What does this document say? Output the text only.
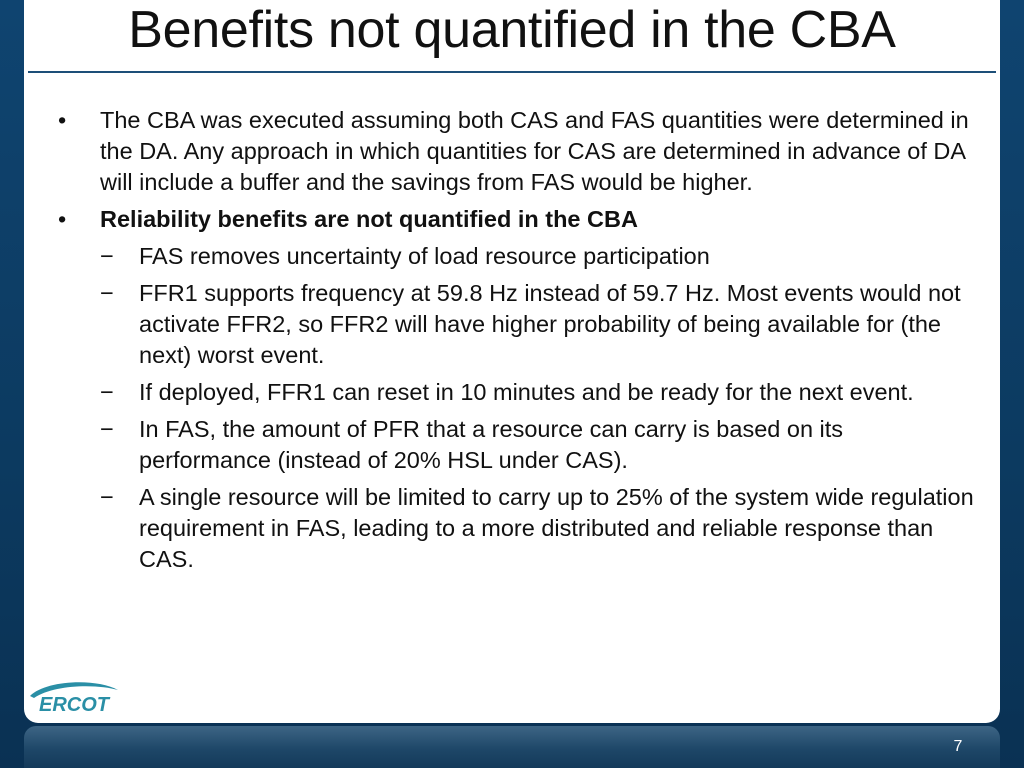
Benefits not quantified in the CBA
•	The CBA was executed assuming both CAS and FAS quantities were determined in the DA. Any approach in which quantities for CAS are determined in advance of DA will include a buffer and the savings from FAS would be higher.
•	Reliability benefits are not quantified in the CBA
− FAS removes uncertainty of load resource participation
− FFR1 supports frequency at 59.8 Hz instead of 59.7 Hz. Most events would not activate FFR2, so FFR2 will have higher probability of being available for (the next) worst event.
− If deployed, FFR1 can reset in 10 minutes and be ready for the next event.
− In FAS, the amount of PFR that a resource can carry is based on its performance (instead of 20% HSL under CAS).
− A single resource will be limited to carry up to 25% of the system wide regulation requirement in FAS, leading to a more distributed and reliable response than CAS.
ERCOT
7
